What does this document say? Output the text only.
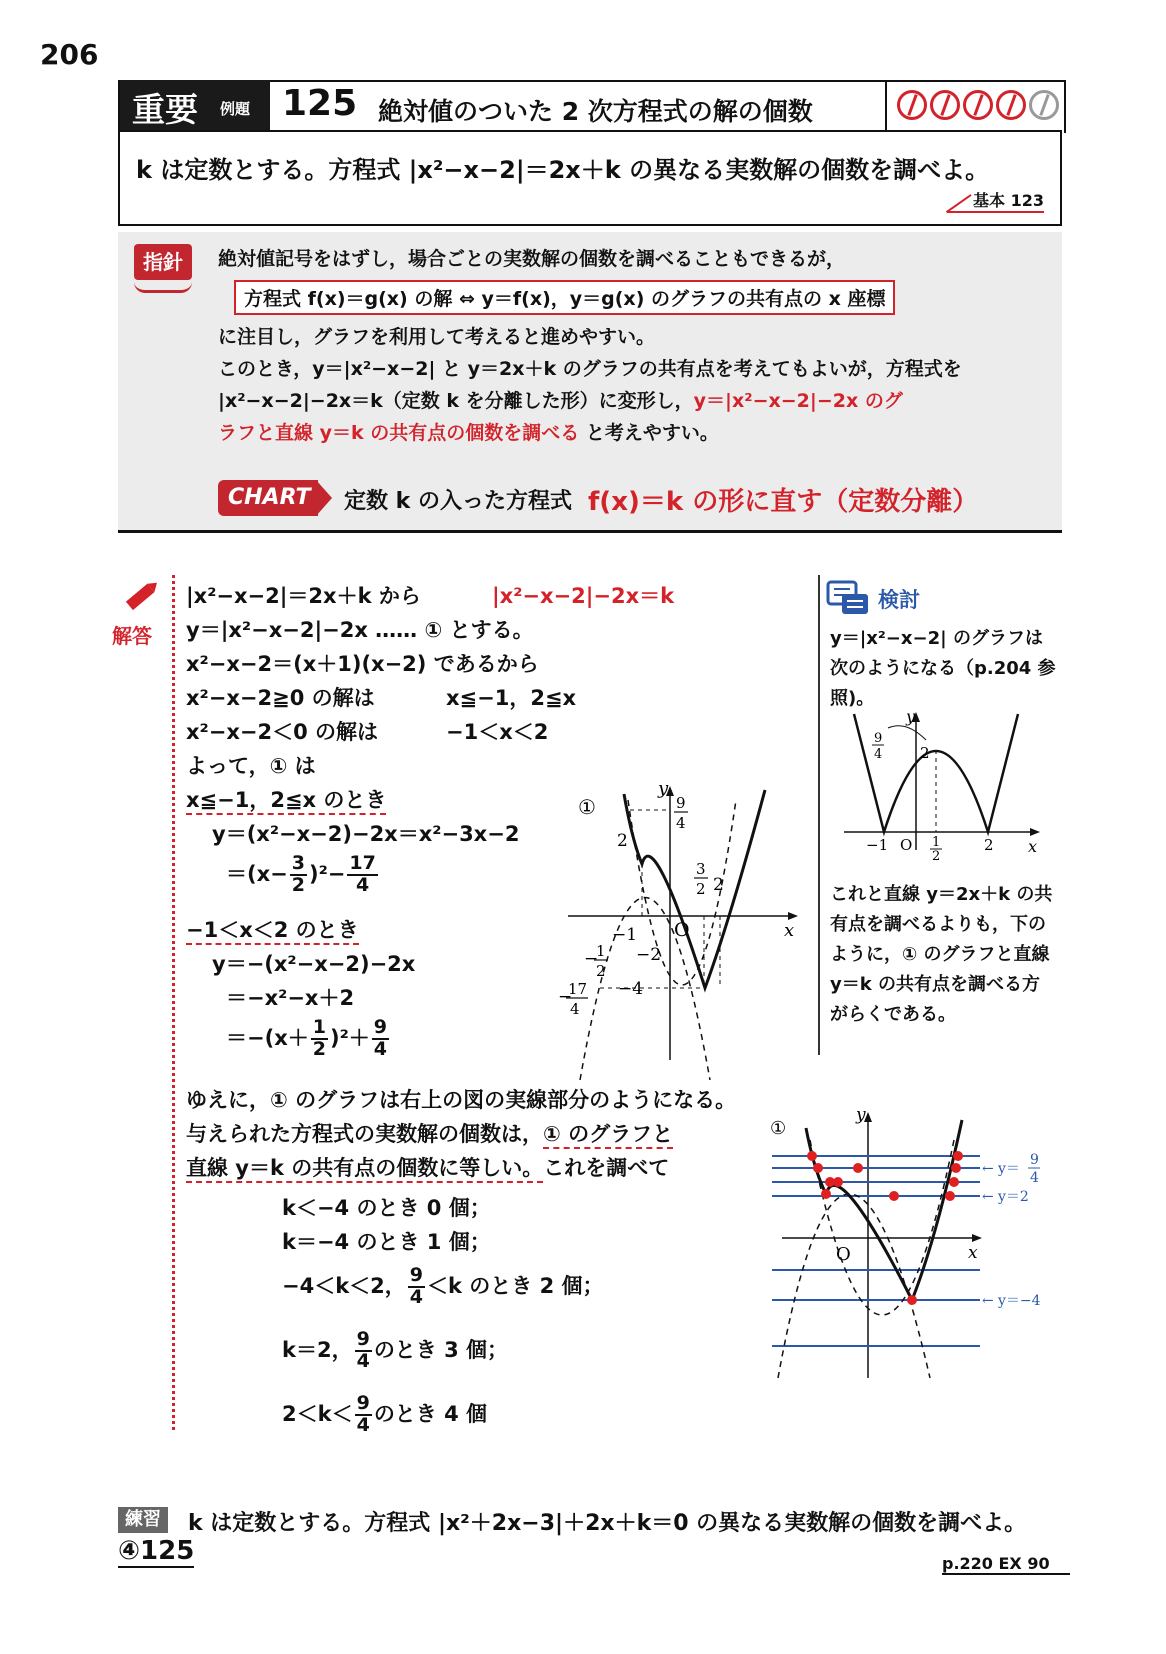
206
重要 例題 125 絶対値のついた 2 次方程式の解の個数
k は定数とする。方程式 |x²−x−2|＝2x＋k の異なる実数解の個数を調べよ。
基本 123
指針	絶対値記号をはずし，場合ごとの実数解の個数を調べることもできるが，
方程式 f(x)＝g(x) の解 ⇔ y＝f(x)，y＝g(x) のグラフの共有点の x 座標
に注目し，グラフを利用して考えると進めやすい。
このとき，y＝|x²−x−2| と y＝2x＋k のグラフの共有点を考えてもよいが，方程式を
|x²−x−2|−2x＝k（定数 k を分離した形）に変形し，y＝|x²−x−2|−2x のグ
ラフと直線 y＝k の共有点の個数を調べる と考えやすい。
CHART	定数 k の入った方程式 f(x)＝k の形に直す（定数分離）
解答
|x²−x−2|＝2x＋k から	|x²−x−2|−2x＝k
y＝|x²−x−2|−2x …… ① とする。
x²−x−2＝(x＋1)(x−2) であるから
x²−x−2≧0 の解は	x≦−1，2≦x
x²−x−2＜0 の解は	−1＜x＜2
よって，① は
x≦−1，2≦x のとき
y＝(x²−x−2)−2x＝x²−3x−2
$=(x- \frac{3}{2} )^2- \frac{17}{4}$
−1＜x＜2 のとき
y＝−(x²−x−2)−2x
＝−x²−x＋2
$=-(x+ \frac{1}{2} )^2+ \frac{9}{4}$
ゆえに，① のグラフは右上の図の実線部分のようになる。
与えられた方程式の実数解の個数は，① のグラフと
直線 y＝k の共有点の個数に等しい。これを調べて
k＜−4 のとき 0 個；
k＝−4 のとき 1 個；
−4＜k＜2， $\frac{9}{4} <k$ のとき 2 個；
k＝2， $\frac{9}{4}$ のとき 3 個；
$2<k< \frac{9}{4}$ のとき 4 個
①
y
x
O
9
4
2
3
2 2
−1
−
1
2
−2
−4
−
17
4
検討
y＝|x²−x−2| のグラフは
次のようになる（p.204 参
照)。
y
x
9
4	2
−1 O 1
2
2
これと直線 y＝2x＋k の共
有点を調べるよりも，下の
ように，① のグラフと直線
y＝k の共有点を調べる方
がらくである。
①
y
x
O
← y＝
9
4
← y＝2
← y＝−4
練習
④125
k は定数とする。方程式 |x²＋2x−3|＋2x＋k＝0 の異なる実数解の個数を調べよ。
p.220 EX 90
